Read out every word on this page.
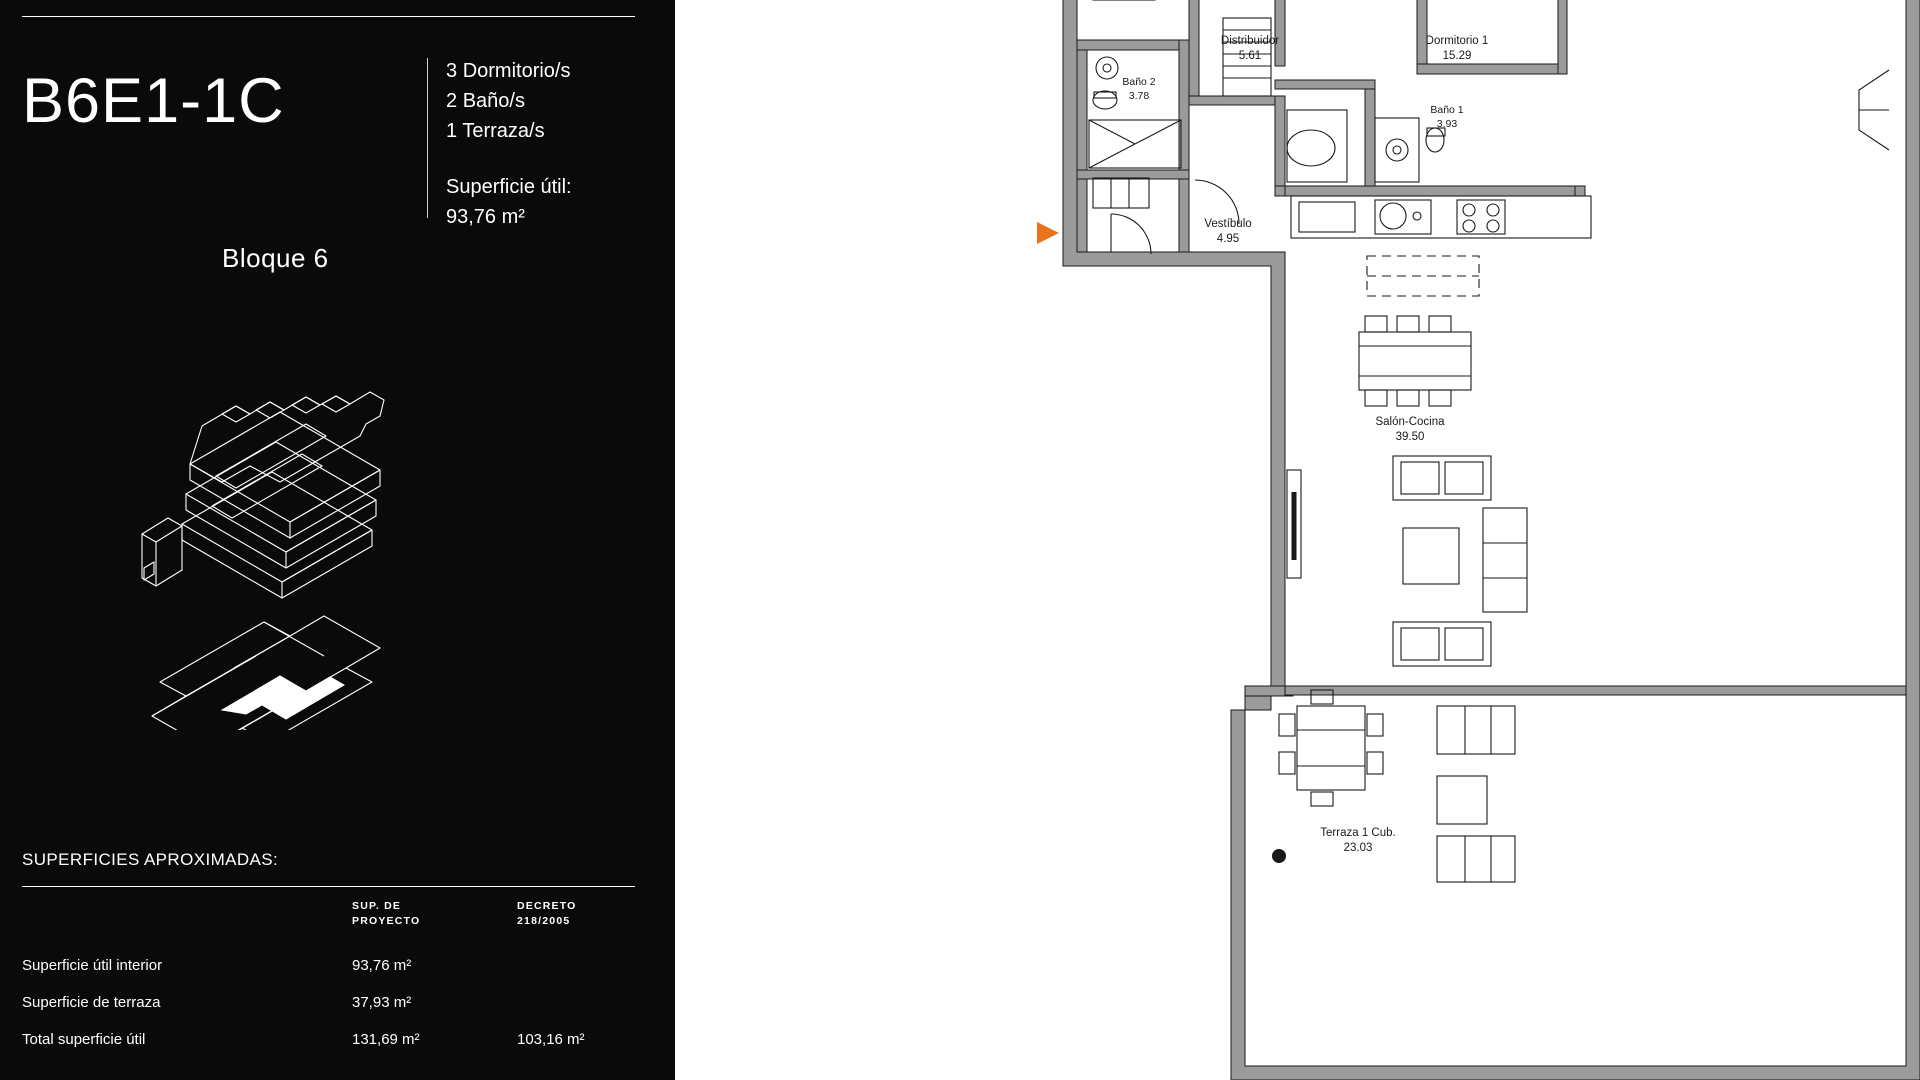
B6E1-1C	3 Dormitorio/s
2 Baño/s
1 Terraza/s
Superficie útil:
93,76 m²
Bloque 6
SUPERFICIES APROXIMADAS:

SUP. DE
PROYECTO

DECRETO
218/2005

Superficie útil interior	93,76 m²	
Superficie de terraza	37,93 m²	
Total superficie útil	131,69 m²	103,16 m²
Dormitorio 1
15.29
Distribuidor
5.61
Baño 2
3.78
Baño 1
3.93
Vestíbulo
4.95
Salón-Cocina
39.50
Terraza 1 Cub.
23.03
